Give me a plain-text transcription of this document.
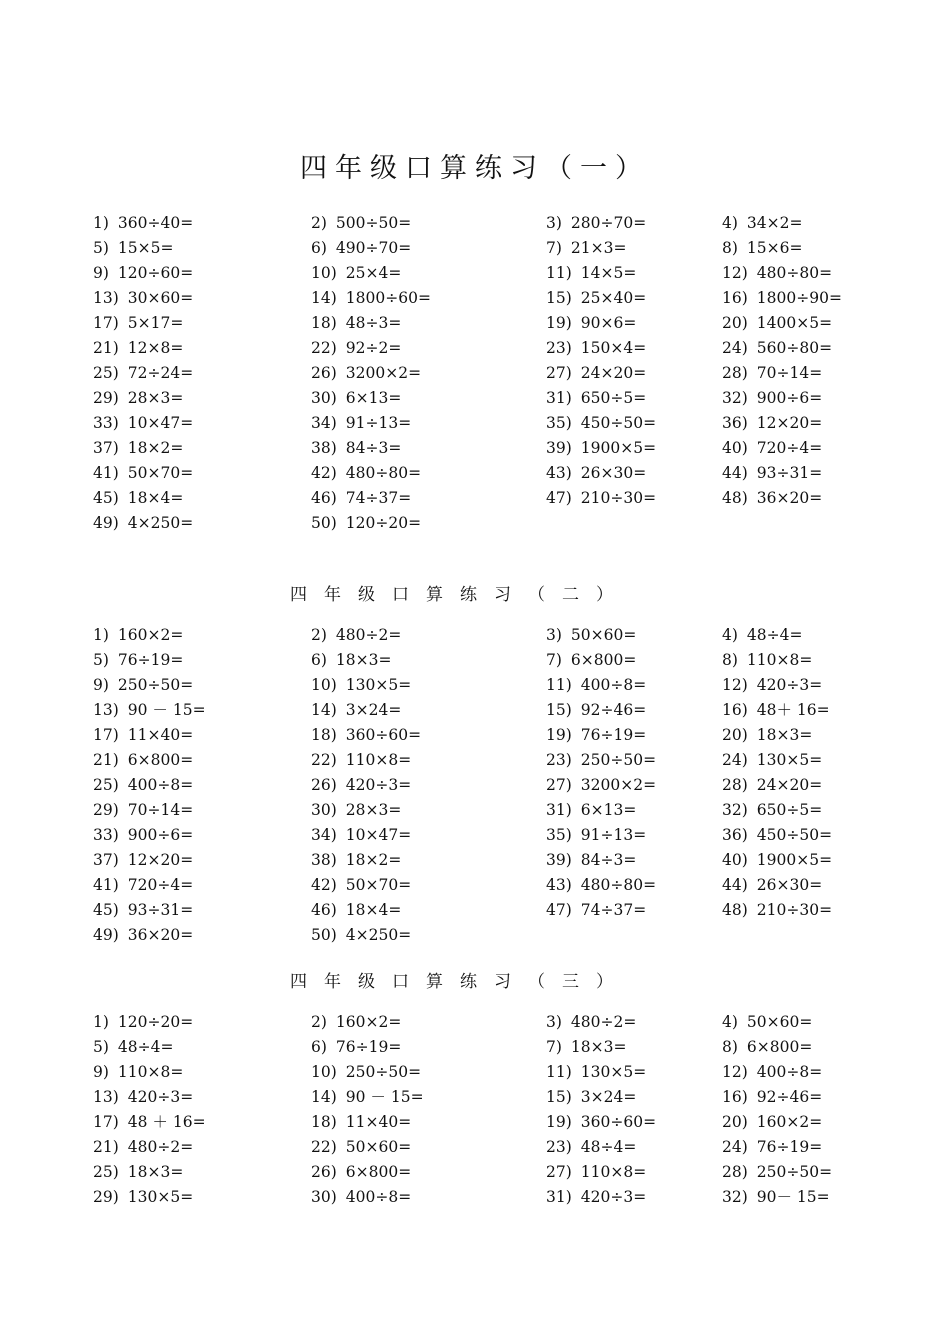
四年级口算练习（一）
1) 360÷40=	2) 500÷50=	3) 280÷70=	4) 34×2=
5) 15×5=	6) 490÷70=	7) 21×3=	8) 15×6=
9) 120÷60=	10) 25×4=	11) 14×5=	12) 480÷80=
13) 30×60=	14) 1800÷60=	15) 25×40=	16) 1800÷90=
17) 5×17=	18) 48÷3=	19) 90×6=	20) 1400×5=
21) 12×8=	22) 92÷2=	23) 150×4=	24) 560÷80=
25) 72÷24=	26) 3200×2=	27) 24×20=	28) 70÷14=
29) 28×3=	30) 6×13=	31) 650÷5=	32) 900÷6=
33) 10×47=	34) 91÷13=	35) 450÷50=	36) 12×20=
37) 18×2=	38) 84÷3=	39) 1900×5=	40) 720÷4=
41) 50×70=	42) 480÷80=	43) 26×30=	44) 93÷31=
45) 18×4=	46) 74÷37=	47) 210÷30=	48) 36×20=
49) 4×250=	50) 120÷20=
四年级口算练习（二）
1) 160×2=	2) 480÷2=	3) 50×60=	4) 48÷4=
5) 76÷19=	6) 18×3=	7) 6×800=	8) 110×8=
9) 250÷50=	10) 130×5=	11) 400÷8=	12) 420÷3=
13) 90 － 15=	14) 3×24=	15) 92÷46=	16) 48＋ 16=
17) 11×40=	18) 360÷60=	19) 76÷19=	20) 18×3=
21) 6×800=	22) 110×8=	23) 250÷50=	24) 130×5=
25) 400÷8=	26) 420÷3=	27) 3200×2=	28) 24×20=
29) 70÷14=	30) 28×3=	31) 6×13=	32) 650÷5=
33) 900÷6=	34) 10×47=	35) 91÷13=	36) 450÷50=
37) 12×20=	38) 18×2=	39) 84÷3=	40) 1900×5=
41) 720÷4=	42) 50×70=	43) 480÷80=	44) 26×30=
45) 93÷31=	46) 18×4=	47) 74÷37=	48) 210÷30=
49) 36×20=	50) 4×250=
四年级口算练习（三）
1) 120÷20=	2) 160×2=	3) 480÷2=	4) 50×60=
5) 48÷4=	6) 76÷19=	7) 18×3=	8) 6×800=
9) 110×8=	10) 250÷50=	11) 130×5=	12) 400÷8=
13) 420÷3=	14) 90 － 15=	15) 3×24=	16) 92÷46=
17) 48 ＋ 16=	18) 11×40=	19) 360÷60=	20) 160×2=
21) 480÷2=	22) 50×60=	23) 48÷4=	24) 76÷19=
25) 18×3=	26) 6×800=	27) 110×8=	28) 250÷50=
29) 130×5=	30) 400÷8=	31) 420÷3=	32) 90－ 15=
